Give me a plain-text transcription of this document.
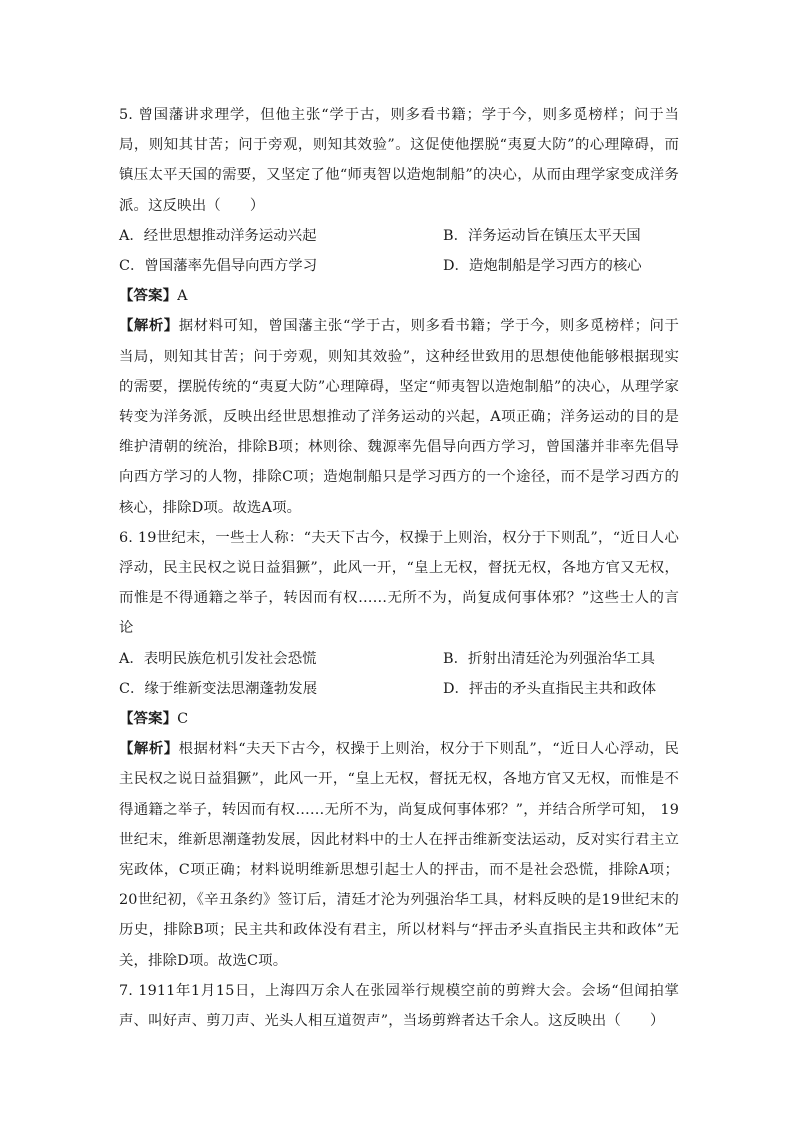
5. 曾国藩讲求理学，但他主张“学于古，则多看书籍；学于今，则多觅榜样；问于当局，则知其甘苦；问于旁观，则知其效验”。这促使他摆脱“夷夏大防”的心理障碍，而镇压太平天国的需要，又坚定了他“师夷智以造炮制船”的决心，从而由理学家变成洋务派。这反映出（　　）

A．经世思想推动洋务运动兴起	B．洋务运动旨在镇压太平天国
C．曾国藩率先倡导向西方学习	D．造炮制船是学习西方的核心

【答案】A

【解析】据材料可知，曾国藩主张“学于古，则多看书籍；学于今，则多觅榜样；问于当局，则知其甘苦；问于旁观，则知其效验”，这种经世致用的思想使他能够根据现实的需要，摆脱传统的“夷夏大防”心理障碍，坚定“师夷智以造炮制船”的决心，从理学家转变为洋务派，反映出经世思想推动了洋务运动的兴起，A项正确；洋务运动的目的是维护清朝的统治，排除B项；林则徐、魏源率先倡导向西方学习，曾国藩并非率先倡导向西方学习的人物，排除C项；造炮制船只是学习西方的一个途径，而不是学习西方的核心，排除D项。故选A项。

6. 19世纪末，一些士人称：“夫天下古今，权操于上则治，权分于下则乱”，“近日人心浮动，民主民权之说日益猖獗”，此风一开，“皇上无权，督抚无权，各地方官又无权，而惟是不得通籍之举子，转因而有权……无所不为，尚复成何事体邪？”这些士人的言论

A．表明民族危机引发社会恐慌	B．折射出清廷沦为列强治华工具
C．缘于维新变法思潮蓬勃发展	D．抨击的矛头直指民主共和政体

【答案】C

【解析】根据材料“夫天下古今，权操于上则治，权分于下则乱”，“近日人心浮动，民主民权之说日益猖獗”，此风一开，“皇上无权，督抚无权，各地方官又无权，而惟是不得通籍之举子，转因而有权……无所不为，尚复成何事体邪？”，并结合所学可知， 19世纪末，维新思潮蓬勃发展，因此材料中的士人在抨击维新变法运动，反对实行君主立宪政体，C项正确；材料说明维新思想引起士人的抨击，而不是社会恐慌，排除A项；20世纪初，《辛丑条约》签订后，清廷才沦为列强治华工具，材料反映的是19世纪末的历史，排除B项；民主共和政体没有君主，所以材料与“抨击矛头直指民主共和政体”无关，排除D项。故选C项。

7. 1911年1月15日，上海四万余人在张园举行规模空前的剪辫大会。会场“但闻拍掌声、叫好声、剪刀声、光头人相互道贺声”，当场剪辫者达千余人。这反映出（　　）
